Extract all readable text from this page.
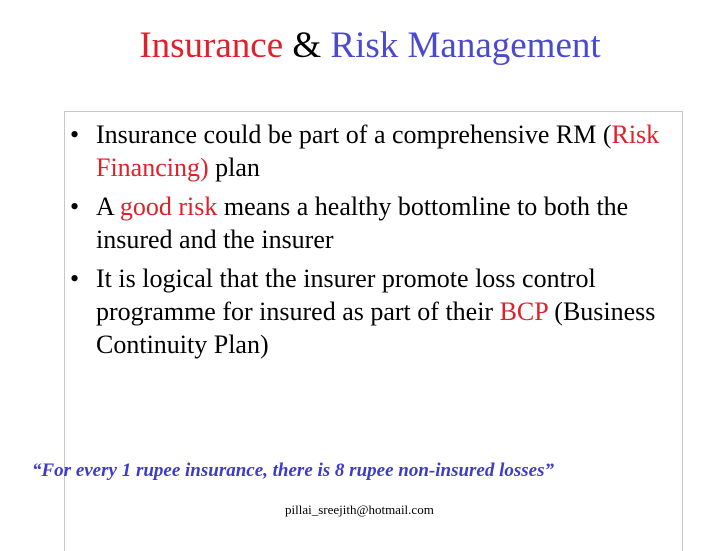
Insurance & Risk Management
• Insurance could be part of a comprehensive RM (Risk Financing) plan
• A good risk means a healthy bottomline to both the insured and the insurer
• It is logical that the insurer promote loss control programme for insured as part of their BCP (Business Continuity Plan)
“For every 1 rupee insurance, there is 8 rupee non-insured losses”
pillai_sreejith@hotmail.com
